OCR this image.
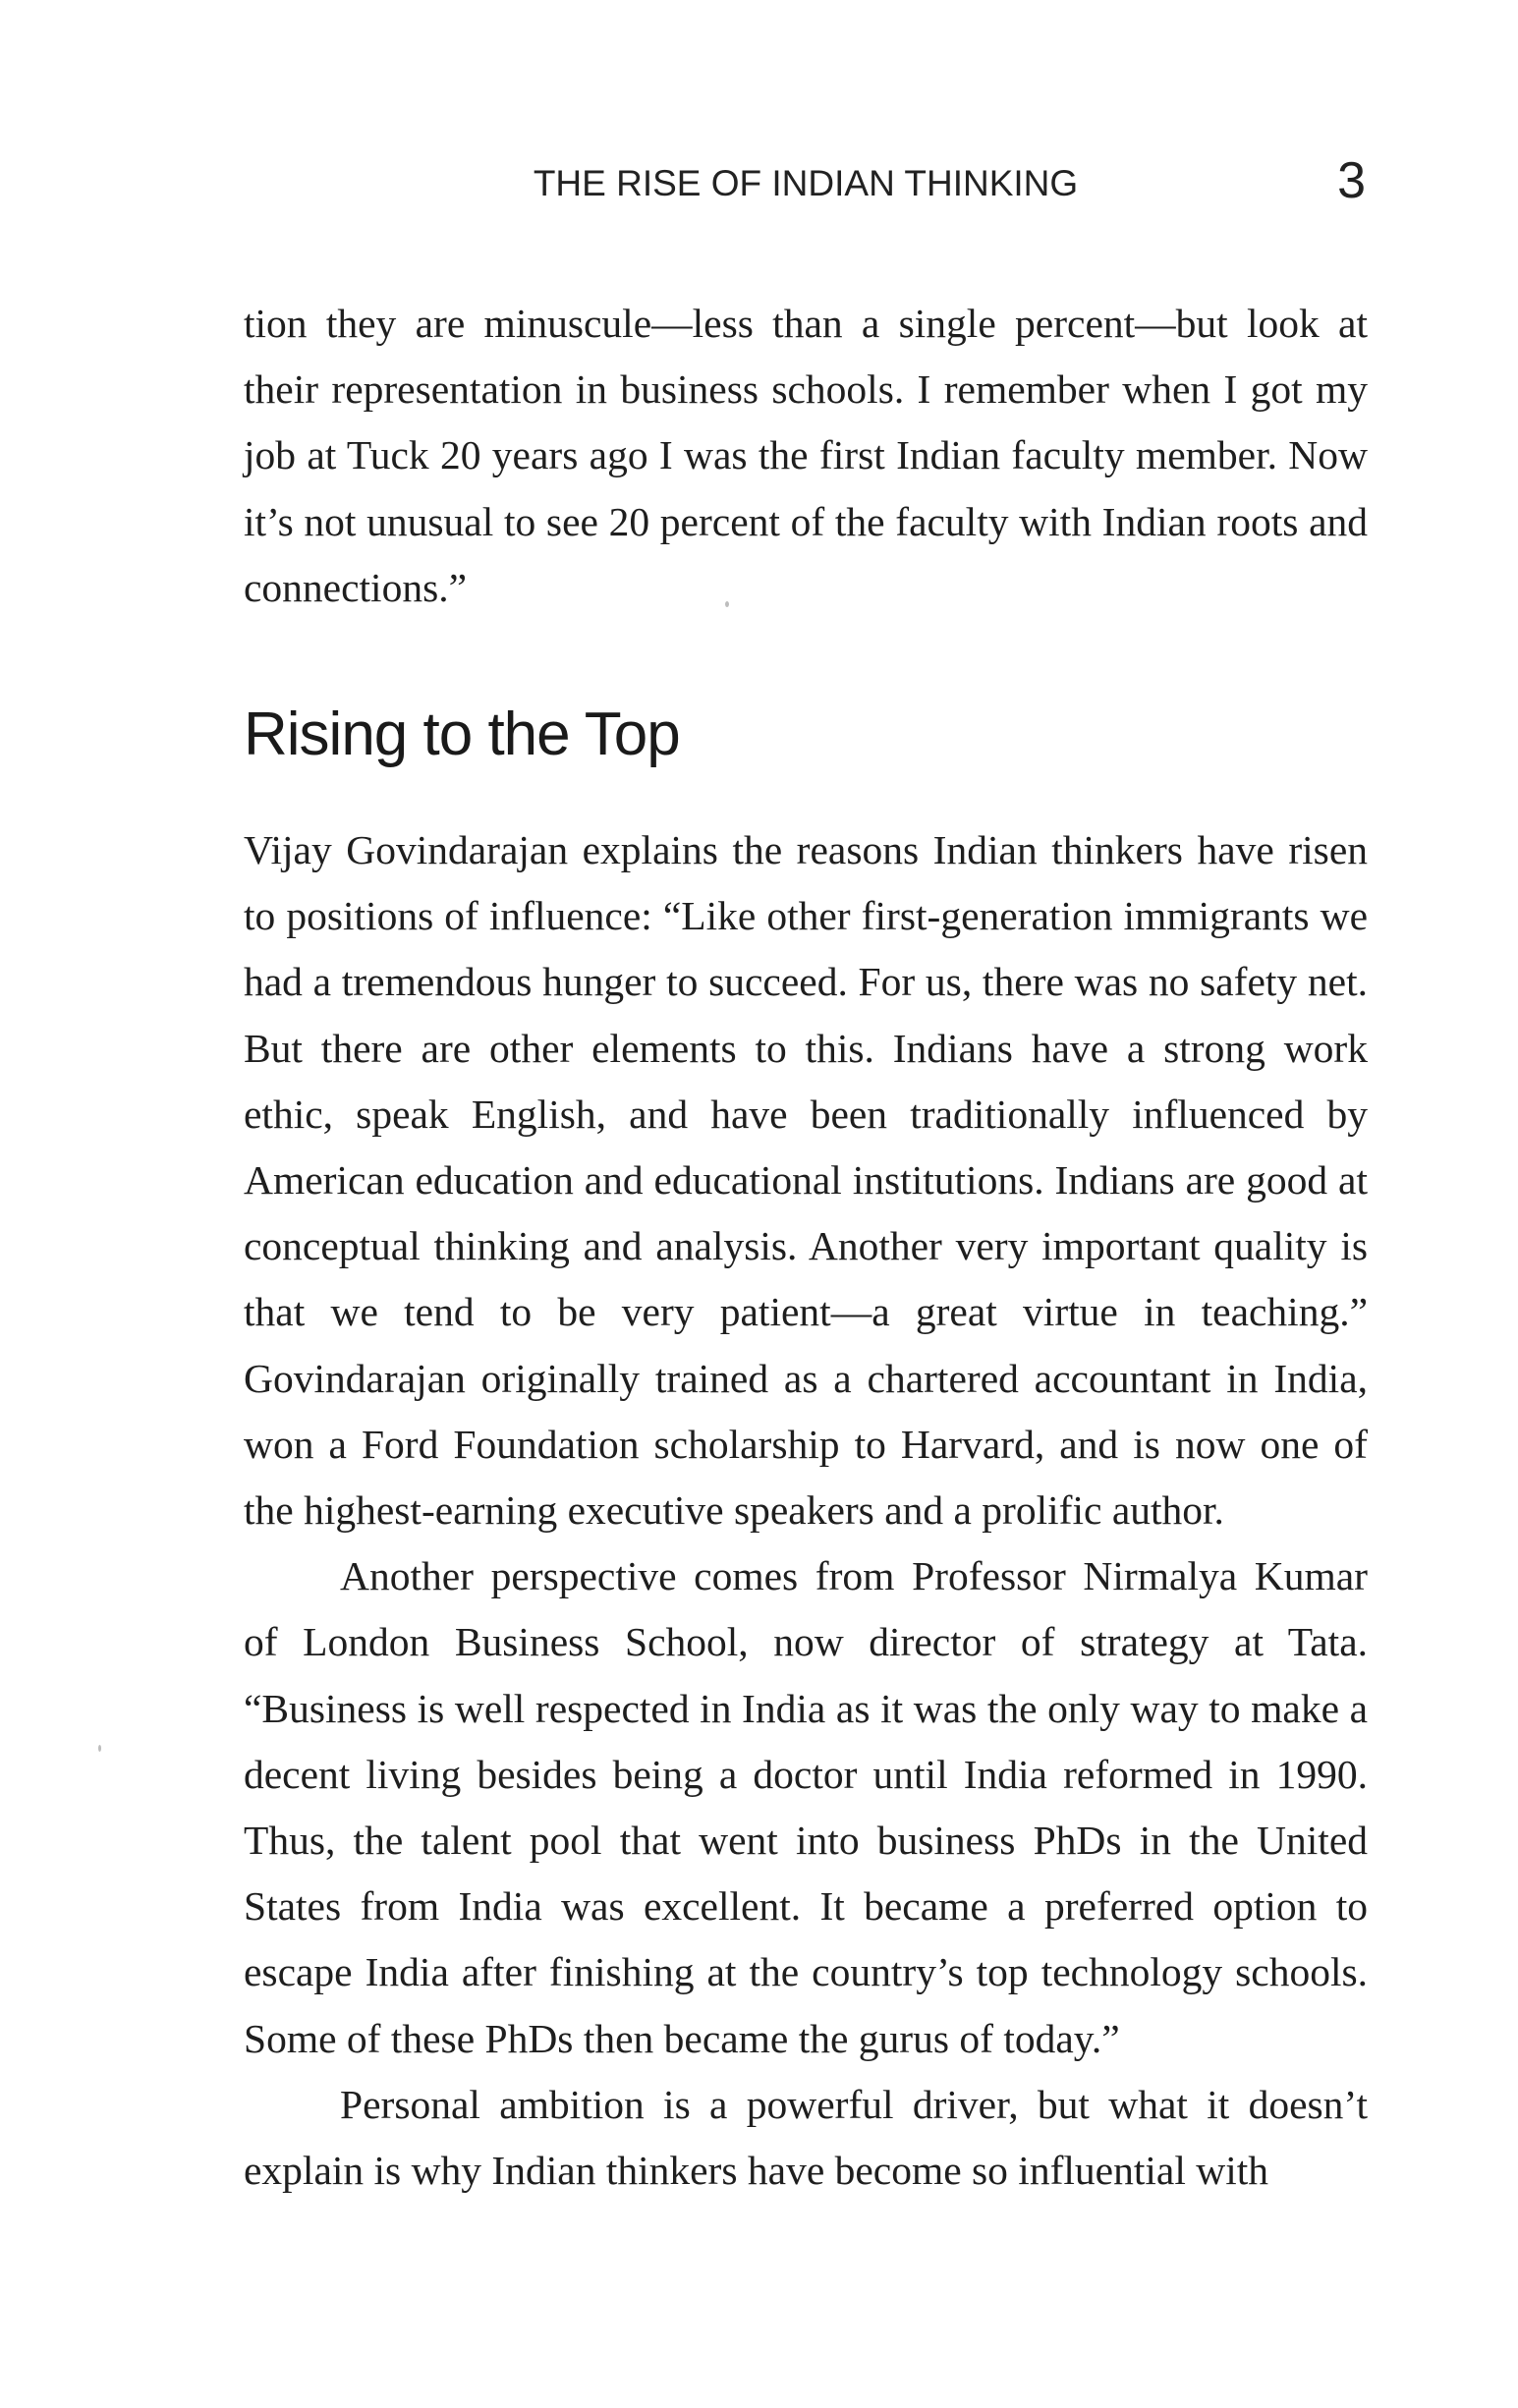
THE RISE OF INDIAN THINKING	3

tion they are minuscule—less than a single percent—but look at their representation in business schools. I remember when I got my job at Tuck 20 years ago I was the first Indian faculty member. Now it’s not unusual to see 20 percent of the faculty with Indian roots and connections.”

Rising to the Top

Vijay Govindarajan explains the reasons Indian thinkers have risen to positions of influence: “Like other first-generation immigrants we had a tremendous hunger to succeed. For us, there was no safety net. But there are other elements to this. Indians have a strong work ethic, speak English, and have been traditionally influenced by American education and educational institutions. Indians are good at conceptual thinking and analysis. Another very important quality is that we tend to be very patient—a great virtue in teaching.” Govindarajan originally trained as a chartered accountant in India, won a Ford Foundation scholarship to Harvard, and is now one of the highest-earning executive speakers and a prolific author.

Another perspective comes from Professor Nirmalya Kumar of London Business School, now director of strategy at Tata. “Business is well respected in India as it was the only way to make a decent living besides being a doctor until India reformed in 1990. Thus, the talent pool that went into business PhDs in the United States from India was excellent. It became a preferred option to escape India after finishing at the country’s top technology schools. Some of these PhDs then became the gurus of today.”

Personal ambition is a powerful driver, but what it doesn’t explain is why Indian thinkers have become so influential with
